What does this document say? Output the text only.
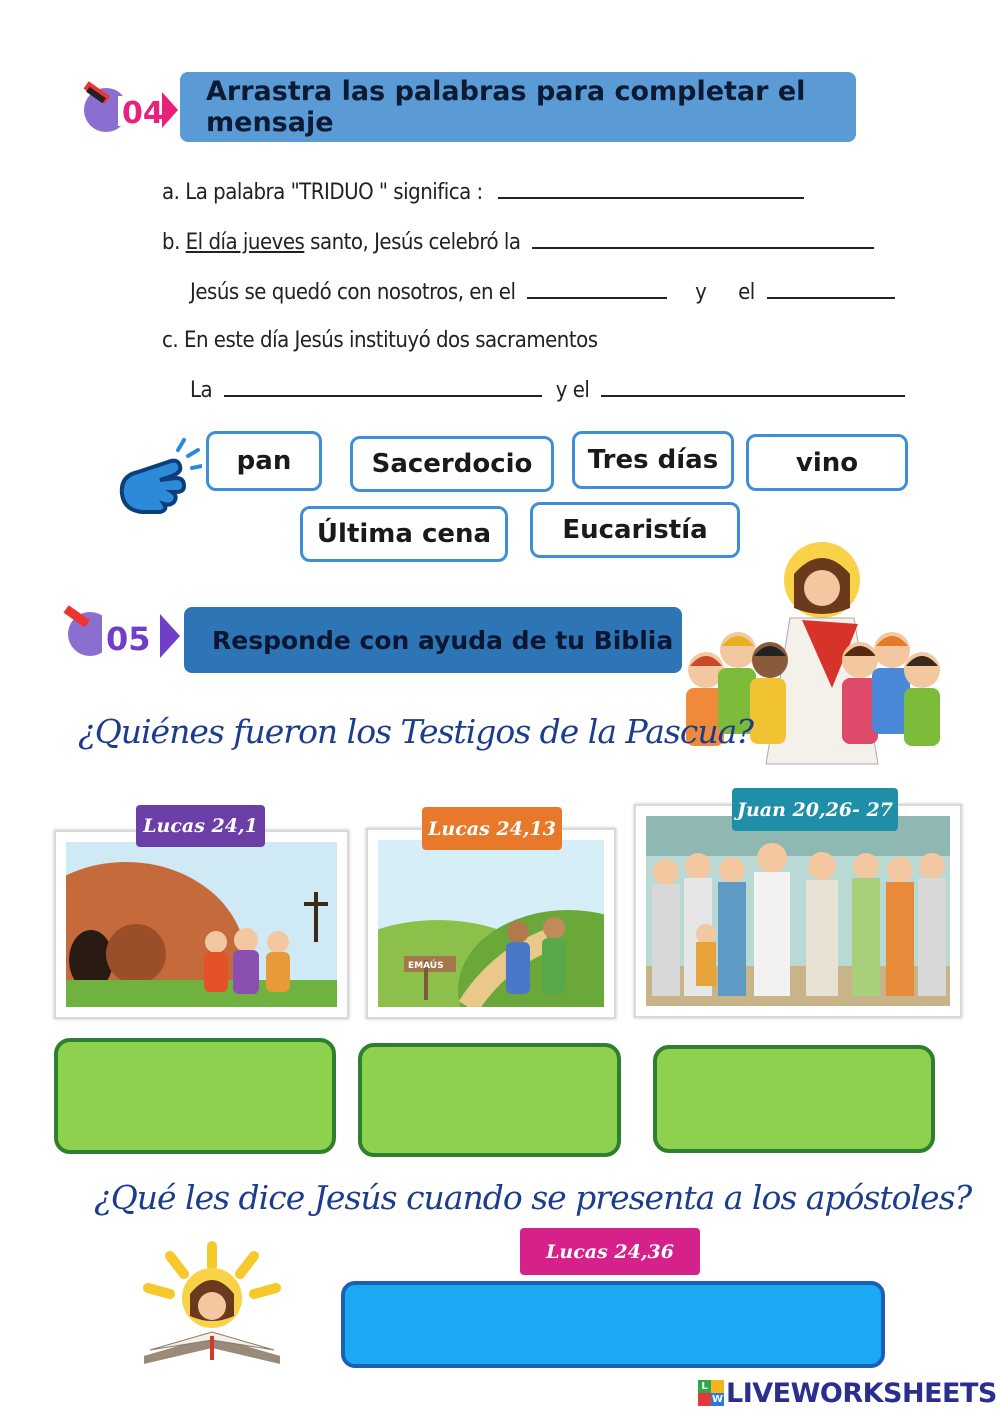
04
Arrastra las palabras para completar el mensaje
a. La palabra "TRIDUO " significa :
b. El día jueves santo, Jesús celebró la
Jesús se quedó con nosotros, en el	y el
c. En este día Jesús instituyó dos sacramentos
La	y el
pan	Sacerdocio Tres días	vino
Última cena	Eucaristía
05 Responde con ayuda de tu Biblia
¿Quiénes fueron los Testigos de la Pascua?
Lucas 24,1
EMAÚS
Lucas 24,13
Juan 20,26- 27
¿Qué les dice Jesús cuando se presenta a los apóstoles?
Lucas 24,36
L
W LIVEWORKSHEETS
